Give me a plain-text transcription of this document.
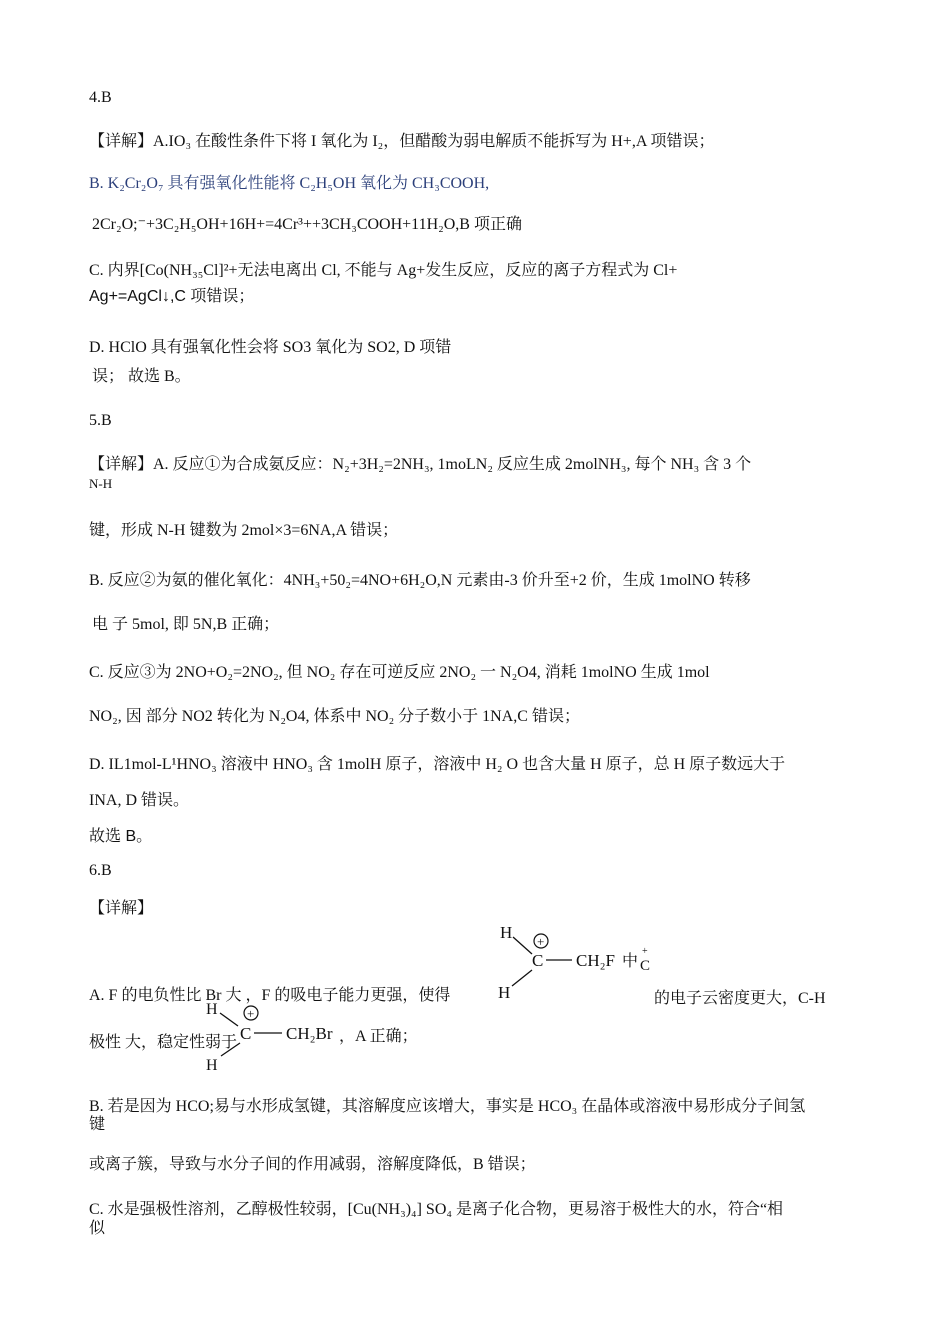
4.B
【详解】A.IO₃ 在酸性条件下将 I 氧化为 I₂，但醋酸为弱电解质不能拆写为 H+,A 项错误；
B. K₂Cr₂O₇ 具有强氧化性能将 C₂H₅OH 氧化为 CH₃COOH,
2Cr₂O;⁻+3C₂H₅OH+16H+=4Cr³++3CH₃COOH+11H₂O,B 项正确
C. 内界[Co(NH₃₅Cl]²+无法电离出 Cl, 不能与 Ag+发生反应，反应的离子方程式为 Cl+
Ag+=AgCl↓,C 项错误；
D. HClO 具有强氧化性会将 SO3 氧化为 SO2, D 项错
误； 故选 B。
5.B
【详解】A. 反应①为合成氨反应：N₂+3H₂=2NH₃, 1moLN₂ 反应生成 2molNH₃, 每个 NH₃ 含 3 个
N-H
键，形成 N-H 键数为 2mol×3=6NA,A 错误；
B. 反应②为氨的催化氧化：4NH₃+50₂=4NO+6H₂O,N 元素由-3 价升至+2 价，生成 1molNO 转移
电 子 5mol, 即 5N,B 正确；
C. 反应③为 2NO+O₂=2NO₂, 但 NO₂ 存在可逆反应 2NO₂ 一 N₂O4, 消耗 1molNO 生成 1mol
NO₂, 因 部分 NO2 转化为 N₂O4, 体系中 NO₂ 分子数小于 1NA,C 错误；
D. IL1mol-L¹HNO₃ 溶液中 HNO₃ 含 1molH 原子，溶液中 H₂ O 也含大量 H 原子，总 H 原子数远大于
INA, D 错误。
故选 B。
6.B
【详解】
H +
C CH₂F 中
+
C
H
A. F 的电负性比 Br 大 ，F 的吸电子能力更强，使得	的电子云密度更大，C-H
极性 大，稳定性弱于
H +
C CH₂Br
H
，A 正确；
B. 若是因为 HCO;易与水形成氢键，其溶解度应该增大，事实是 HCO₃ 在晶体或溶液中易形成分子间氢
键
或离子簇，导致与水分子间的作用减弱，溶解度降低，B 错误；
C. 水是强极性溶剂，乙醇极性较弱，[Cu(NH₃)₄] SO₄ 是离子化合物，更易溶于极性大的水，符合“相
似
